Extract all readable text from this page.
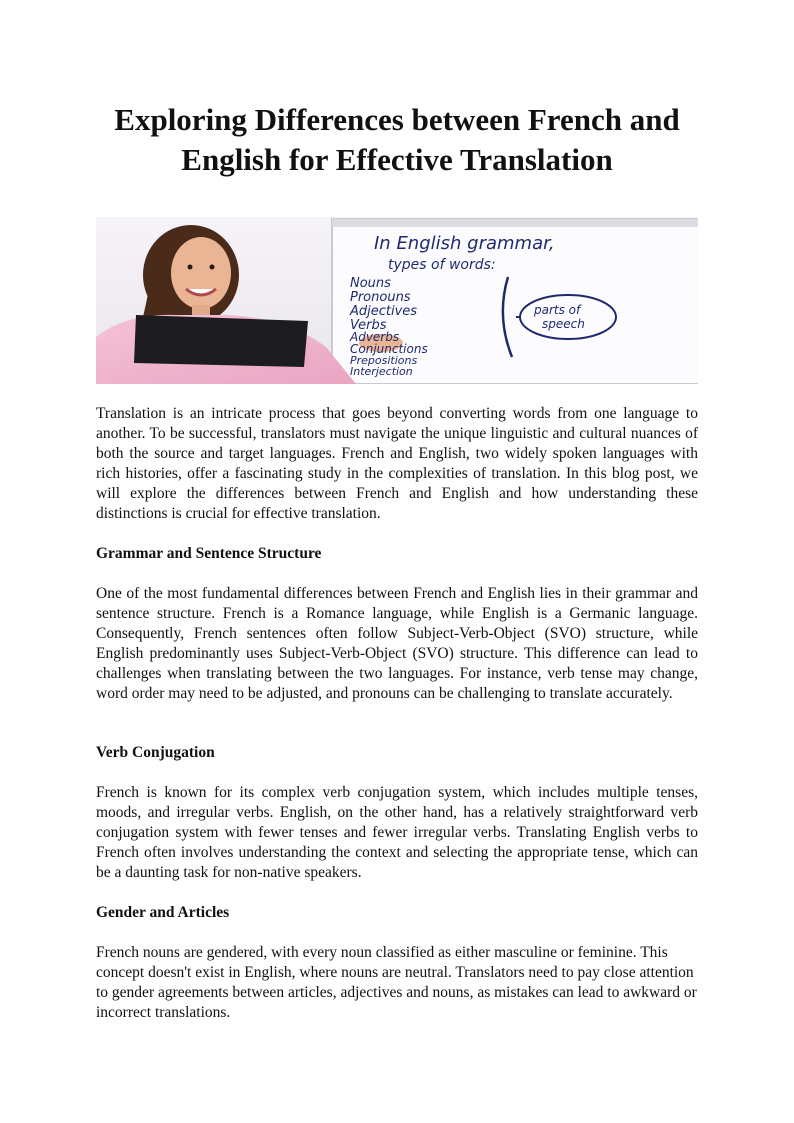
Exploring Differences between French and
English for Effective Translation
In English grammar,
types of words:
Nouns
Pronouns
Adjectives
Verbs
Adverbs
Conjunctions
Prepositions
Interjection
parts of
speech

Translation is an intricate process that goes beyond converting words from one language to another. To be successful, translators must navigate the unique linguistic and cultural nuances of both the source and target languages. French and English, two widely spoken languages with rich histories, offer a fascinating study in the complexities of translation. In this blog post, we will explore the differences between French and English and how understanding these distinctions is crucial for effective translation.

Grammar and Sentence Structure

One of the most fundamental differences between French and English lies in their grammar and sentence structure. French is a Romance language, while English is a Germanic language. Consequently, French sentences often follow Subject-Verb-Object (SVO) structure, while English predominantly uses Subject-Verb-Object (SVO) structure. This difference can lead to challenges when translating between the two languages. For instance, verb tense may change, word order may need to be adjusted, and pronouns can be challenging to translate accurately.

Verb Conjugation

French is known for its complex verb conjugation system, which includes multiple tenses, moods, and irregular verbs. English, on the other hand, has a relatively straightforward verb conjugation system with fewer tenses and fewer irregular verbs. Translating English verbs to French often involves understanding the context and selecting the appropriate tense, which can be a daunting task for non-native speakers.

Gender and Articles

French nouns are gendered, with every noun classified as either masculine or feminine. This concept doesn't exist in English, where nouns are neutral. Translators need to pay close attention to gender agreements between articles, adjectives and nouns, as mistakes can lead to awkward or incorrect translations.
